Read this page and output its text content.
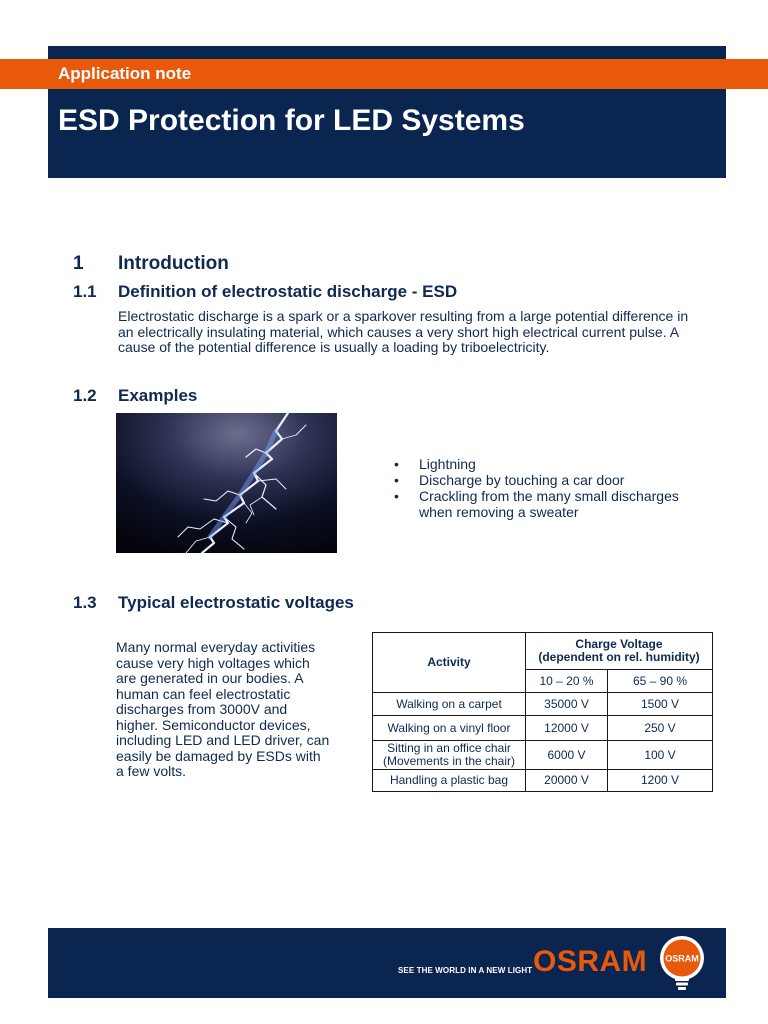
Application note
ESD Protection for LED Systems
1 Introduction
1.1 Definition of electrostatic discharge - ESD
Electrostatic discharge is a spark or a sparkover resulting from a large potential difference in
an electrically insulating material, which causes a very short high electrical current pulse. A
cause of the potential difference is usually a loading by triboelectricity.
1.2 Examples
• Lightning
• Discharge by touching a car door
• Crackling from the many small discharges when removing a sweater
1.3 Typical electrostatic voltages
Many normal everyday activities
cause very high voltages which
are generated in our bodies. A
human can feel electrostatic
discharges from 3000V and
higher. Semiconductor devices,
including LED and LED driver, can
easily be damaged by ESDs with
a few volts.
Activity	Charge Voltage
(dependent on rel. humidity)	

	10 – 20 %	65 – 90 %
Walking on a carpet	35000 V	1500 V
Walking on a vinyl floor	12000 V	250 V

Sitting in an office chair
(Movements in the chair)	6000 V	100 V
Handling a plastic bag	20000 V	1200 V
SEE THE WORLD IN A NEW LIGHT OSRAM OSRAM
